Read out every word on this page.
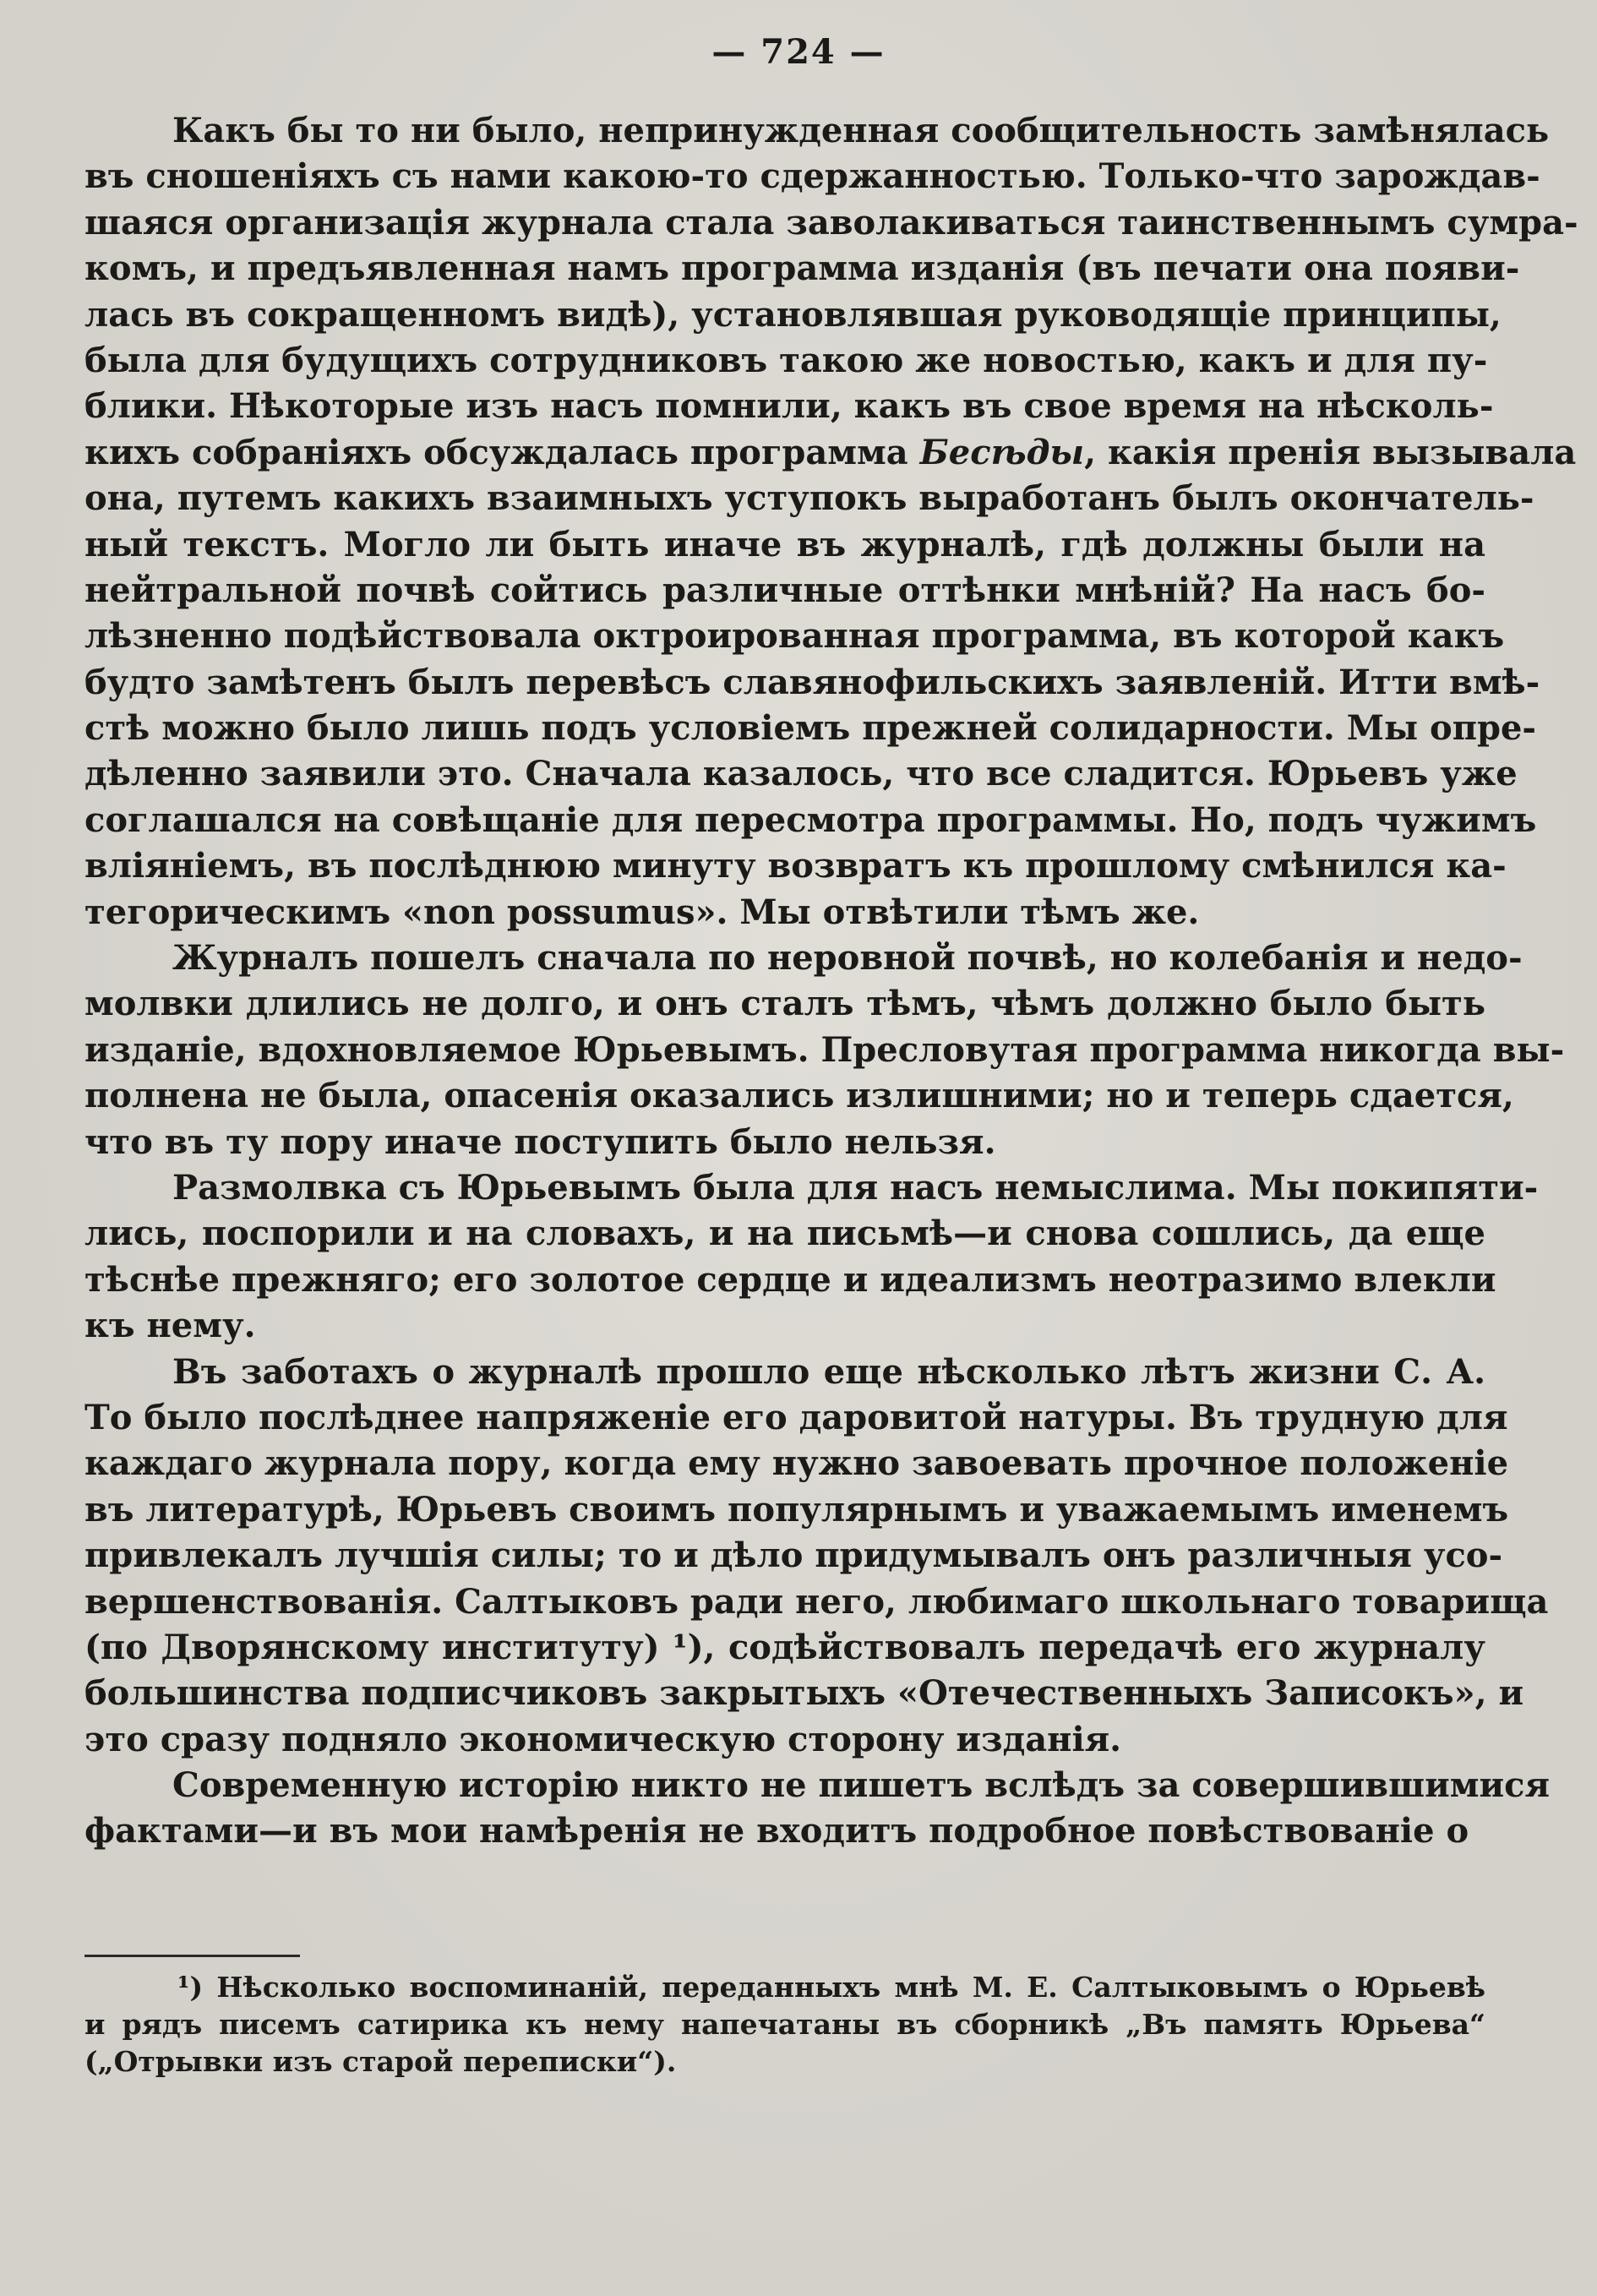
— 724 —
Какъ бы то ни было, непринужденная сообщительность замѣнялась
въ сношеніяхъ съ нами какою-то сдержанностью. Только-что зарождав-
шаяся организація журнала стала заволакиваться таинственнымъ сумра-
комъ, и предъявленная намъ программа изданія (въ печати она появи-
лась въ сокращенномъ видѣ), установлявшая руководящіе принципы,
была для будущихъ сотрудниковъ такою же новостью, какъ и для пу-
блики. Нѣкоторые изъ насъ помнили, какъ въ свое время на нѣсколь-
кихъ собраніяхъ обсуждалась программа Бесѣды, какія пренія вызывала
она, путемъ какихъ взаимныхъ уступокъ выработанъ былъ окончатель-
ный текстъ. Могло ли быть иначе въ журналѣ, гдѣ должны были на
нейтральной почвѣ сойтись различные оттѣнки мнѣній? На насъ бо-
лѣзненно подѣйствовала октроированная программа, въ которой какъ
будто замѣтенъ былъ перевѣсъ славянофильскихъ заявленій. Итти вмѣ-
стѣ можно было лишь подъ условіемъ прежней солидарности. Мы опре-
дѣленно заявили это. Сначала казалось, что все сладится. Юрьевъ уже
соглашался на совѣщаніе для пересмотра программы. Но, подъ чужимъ
вліяніемъ, въ послѣднюю минуту возвратъ къ прошлому смѣнился ка-
тегорическимъ «non possumus». Мы отвѣтили тѣмъ же.
Журналъ пошелъ сначала по неровной почвѣ, но колебанія и недо-
молвки длились не долго, и онъ сталъ тѣмъ, чѣмъ должно было быть
изданіе, вдохновляемое Юрьевымъ. Пресловутая программа никогда вы-
полнена не была, опасенія оказались излишними; но и теперь сдается,
что въ ту пору иначе поступить было нельзя.
Размолвка съ Юрьевымъ была для насъ немыслима. Мы покипяти-
лись, поспорили и на словахъ, и на письмѣ—и снова сошлись, да еще
тѣснѣе прежняго; его золотое сердце и идеализмъ неотразимо влекли
къ нему.
Въ заботахъ о журналѣ прошло еще нѣсколько лѣтъ жизни С. А.
То было послѣднее напряженіе его даровитой натуры. Въ трудную для
каждаго журнала пору, когда ему нужно завоевать прочное положеніе
въ литературѣ, Юрьевъ своимъ популярнымъ и уважаемымъ именемъ
привлекалъ лучшія силы; то и дѣло придумывалъ онъ различныя усо-
вершенствованія. Салтыковъ ради него, любимаго школьнаго товарища
(по Дворянскому институту) ¹), содѣйствовалъ передачѣ его журналу
большинства подписчиковъ закрытыхъ «Отечественныхъ Записокъ», и
это сразу подняло экономическую сторону изданія.
Современную исторію никто не пишетъ вслѣдъ за совершившимися
фактами—и въ мои намѣренія не входитъ подробное повѣствованіе о
¹) Нѣсколько воспоминаній, переданныхъ мнѣ М. Е. Салтыковымъ о Юрьевѣ
и рядъ писемъ сатирика къ нему напечатаны въ сборникѣ „Въ память Юрьева“
(„Отрывки изъ старой переписки“).
